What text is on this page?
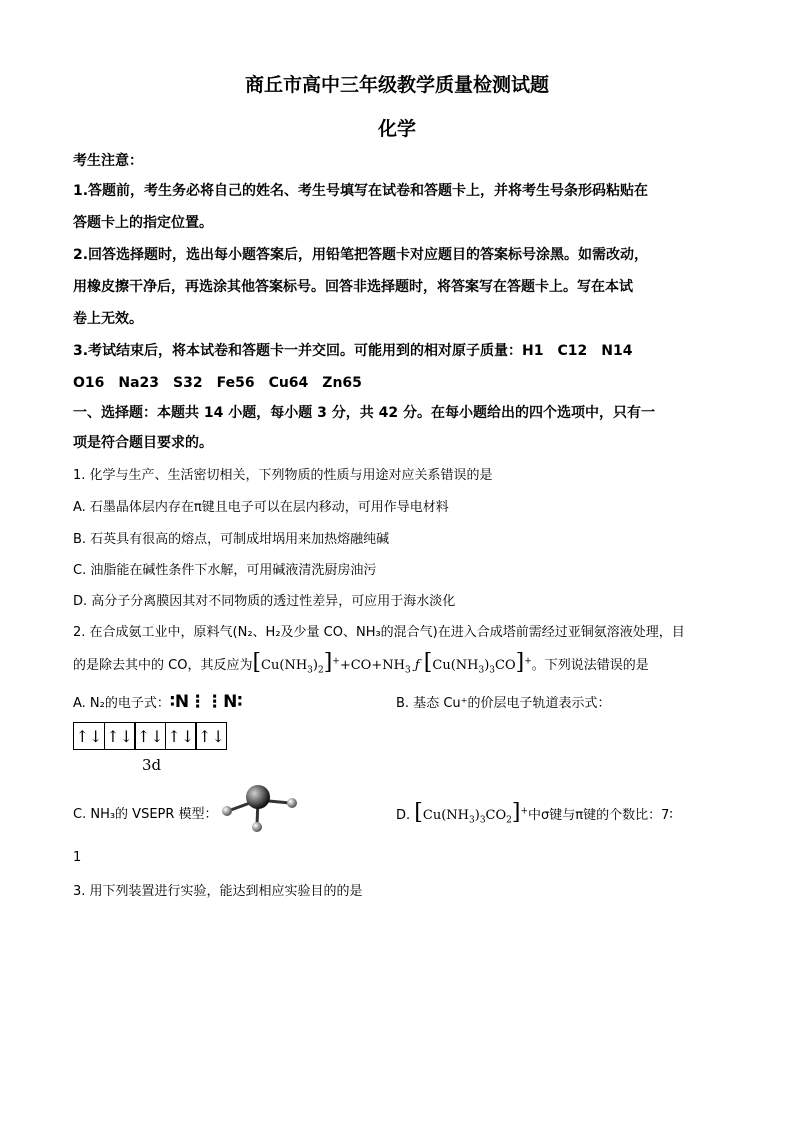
商丘市高中三年级教学质量检测试题
化学
考生注意：
1.答题前，考生务必将自己的姓名、考生号填写在试卷和答题卡上，并将考生号条形码粘贴在
答题卡上的指定位置。
2.回答选择题时，选出每小题答案后，用铅笔把答题卡对应题目的答案标号涂黑。如需改动，
用橡皮擦干净后，再选涂其他答案标号。回答非选择题时，将答案写在答题卡上。写在本试
卷上无效。
3.考试结束后，将本试卷和答题卡一并交回。可能用到的相对原子质量：H1　C12　N14
O16　Na23　S32　Fe56　Cu64　Zn65
一、选择题：本题共 14 小题，每小题 3 分，共 42 分。在每小题给出的四个选项中，只有一
项是符合题目要求的。
1. 化学与生产、生活密切相关，下列物质的性质与用途对应关系错误的是
A. 石墨晶体层内存在π键且电子可以在层内移动，可用作导电材料
B. 石英具有很高的熔点，可制成坩埚用来加热熔融纯碱
C. 油脂能在碱性条件下水解，可用碱液清洗厨房油污
D. 高分子分离膜因其对不同物质的透过性差异，可应用于海水淡化
2. 在合成氨工业中，原料气(N₂、H₂及少量 CO、NH₃的混合气)在进入合成塔前需经过亚铜氨溶液处理，目
的是除去其中的 CO，其反应为$[Cu(NH_3)_2]^++CO+NH_3$ ƒ $[Cu(NH_3)_3CO]^+$。下列说法错误的是
A. N₂的电子式：∶N⋮⋮N∶	B. 基态 Cu⁺的价层电子轨道表示式：
↑↓ ↑↓ ↑↓ ↑↓ ↑↓
3d
C. NH₃的 VSEPR 模型：	D. $[Cu(NH_3)_3CO_2]^+$中σ键与π键的个数比：7∶
1
3. 用下列装置进行实验，能达到相应实验目的的是
